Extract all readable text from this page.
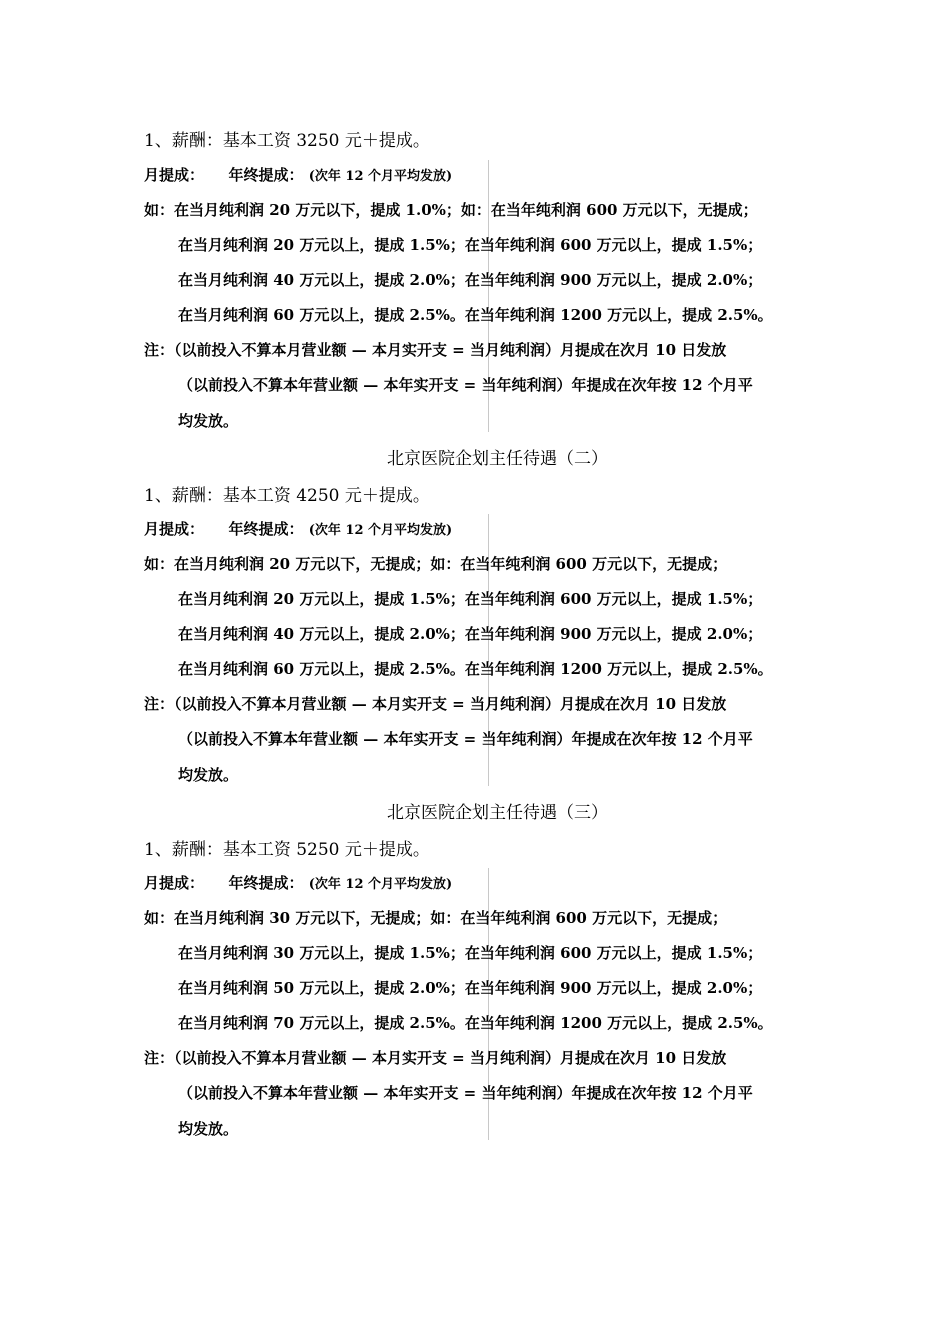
1、薪酬：基本工资 3250 元＋提成。
月提成： 年终提成： (次年 12 个月平均发放)
如：在当月纯利润 20 万元以下，提成 1.0%；如：在当年纯利润 600 万元以下，无提成；
在当月纯利润 20 万元以上，提成 1.5%；在当年纯利润 600 万元以上，提成 1.5%；
在当月纯利润 40 万元以上，提成 2.0%；在当年纯利润 900 万元以上，提成 2.0%；
在当月纯利润 60 万元以上，提成 2.5%。在当年纯利润 1200 万元以上，提成 2.5%。
注：（以前投入不算本月营业额 — 本月实开支 = 当月纯利润）月提成在次月 10 日发放
（以前投入不算本年营业额 — 本年实开支 = 当年纯利润）年提成在次年按 12 个月平
均发放。
北京医院企划主任待遇（二）
1、薪酬：基本工资 4250 元＋提成。
月提成： 年终提成： (次年 12 个月平均发放)
如：在当月纯利润 20 万元以下，无提成；如：在当年纯利润 600 万元以下，无提成；
在当月纯利润 20 万元以上，提成 1.5%；在当年纯利润 600 万元以上，提成 1.5%；
在当月纯利润 40 万元以上，提成 2.0%；在当年纯利润 900 万元以上，提成 2.0%；
在当月纯利润 60 万元以上，提成 2.5%。在当年纯利润 1200 万元以上，提成 2.5%。
注：（以前投入不算本月营业额 — 本月实开支 = 当月纯利润）月提成在次月 10 日发放
（以前投入不算本年营业额 — 本年实开支 = 当年纯利润）年提成在次年按 12 个月平
均发放。
北京医院企划主任待遇（三）
1、薪酬：基本工资 5250 元＋提成。
月提成： 年终提成： (次年 12 个月平均发放)
如：在当月纯利润 30 万元以下，无提成；如：在当年纯利润 600 万元以下，无提成；
在当月纯利润 30 万元以上，提成 1.5%；在当年纯利润 600 万元以上，提成 1.5%；
在当月纯利润 50 万元以上，提成 2.0%；在当年纯利润 900 万元以上，提成 2.0%；
在当月纯利润 70 万元以上，提成 2.5%。在当年纯利润 1200 万元以上，提成 2.5%。
注：（以前投入不算本月营业额 — 本月实开支 = 当月纯利润）月提成在次月 10 日发放
（以前投入不算本年营业额 — 本年实开支 = 当年纯利润）年提成在次年按 12 个月平
均发放。
